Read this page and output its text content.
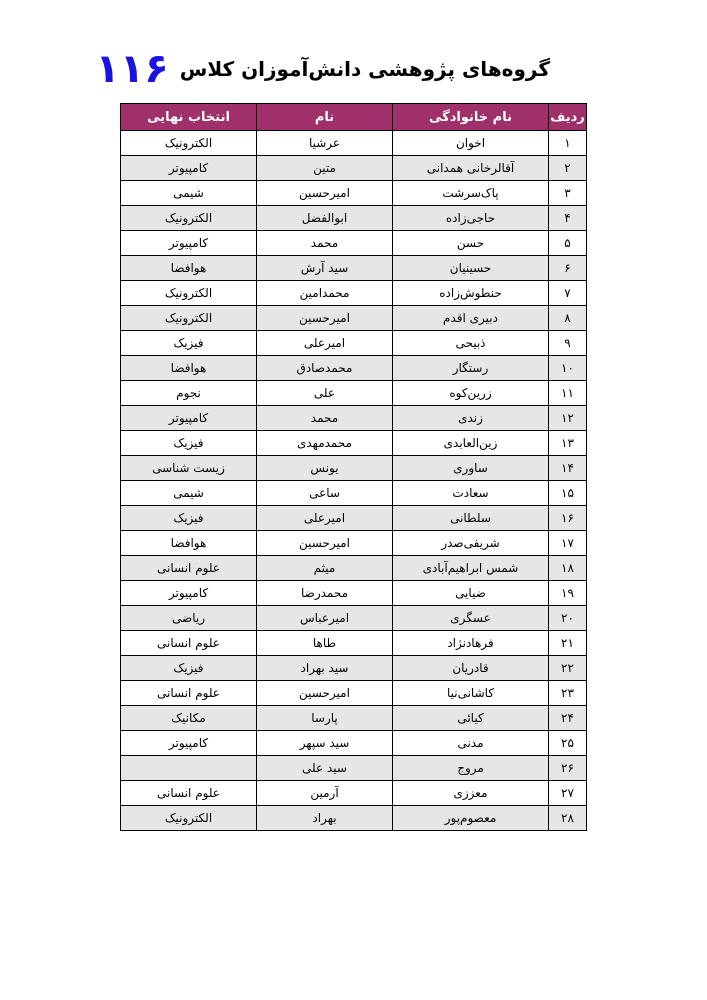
گروه‌های پژوهشی دانش‌آموزان کلاس ۱۱۶
ردیف	نام خانوادگی	نام	انتخاب نهایی
۱	اخوان	عرشیا	الکترونیک
۲	آقالرخانی همدانی	متین	کامپیوتر
۳	پاک‌سرشت	امیرحسین	شیمی
۴	حاجی‌زاده	ابوالفضل	الکترونیک
۵	حسن	محمد	کامپیوتر
۶	حسینیان	سید آرش	هوافضا
۷	حنطوش‌زاده	محمدامین	الکترونیک
۸	دبیری اقدم	امیرحسین	الکترونیک
۹	ذبیحی	امیرعلی	فیزیک
۱۰	رستگار	محمدصادق	هوافضا
۱۱	زرین‌کوه	علی	نجوم
۱۲	زندی	محمد	کامپیوتر
۱۳	زین‌العابدی	محمدمهدی	فیزیک
۱۴	ساوری	یونس	زیست شناسی
۱۵	سعادت	ساعی	شیمی
۱۶	سلطانی	امیرعلی	فیزیک
۱۷	شریفی‌صدر	امیرحسین	هوافضا
۱۸	شمس ابراهیم‌آبادی	میثم	علوم انسانی
۱۹	ضیایی	محمدرضا	کامپیوتر
۲۰	عسگری	امیرعباس	ریاضی
۲۱	فرهادنژاد	طاها	علوم انسانی
۲۲	قادریان	سید بهراد	فیزیک
۲۳	کاشانی‌نیا	امیرحسین	علوم انسانی
۲۴	کیائی	پارسا	مکانیک
۲۵	مدنی	سید سپهر	کامپیوتر
۲۶	مروج	سید علی	
۲۷	معززی	آرمین	علوم انسانی
۲۸	معصوم‌پور	بهراد	الکترونیک
